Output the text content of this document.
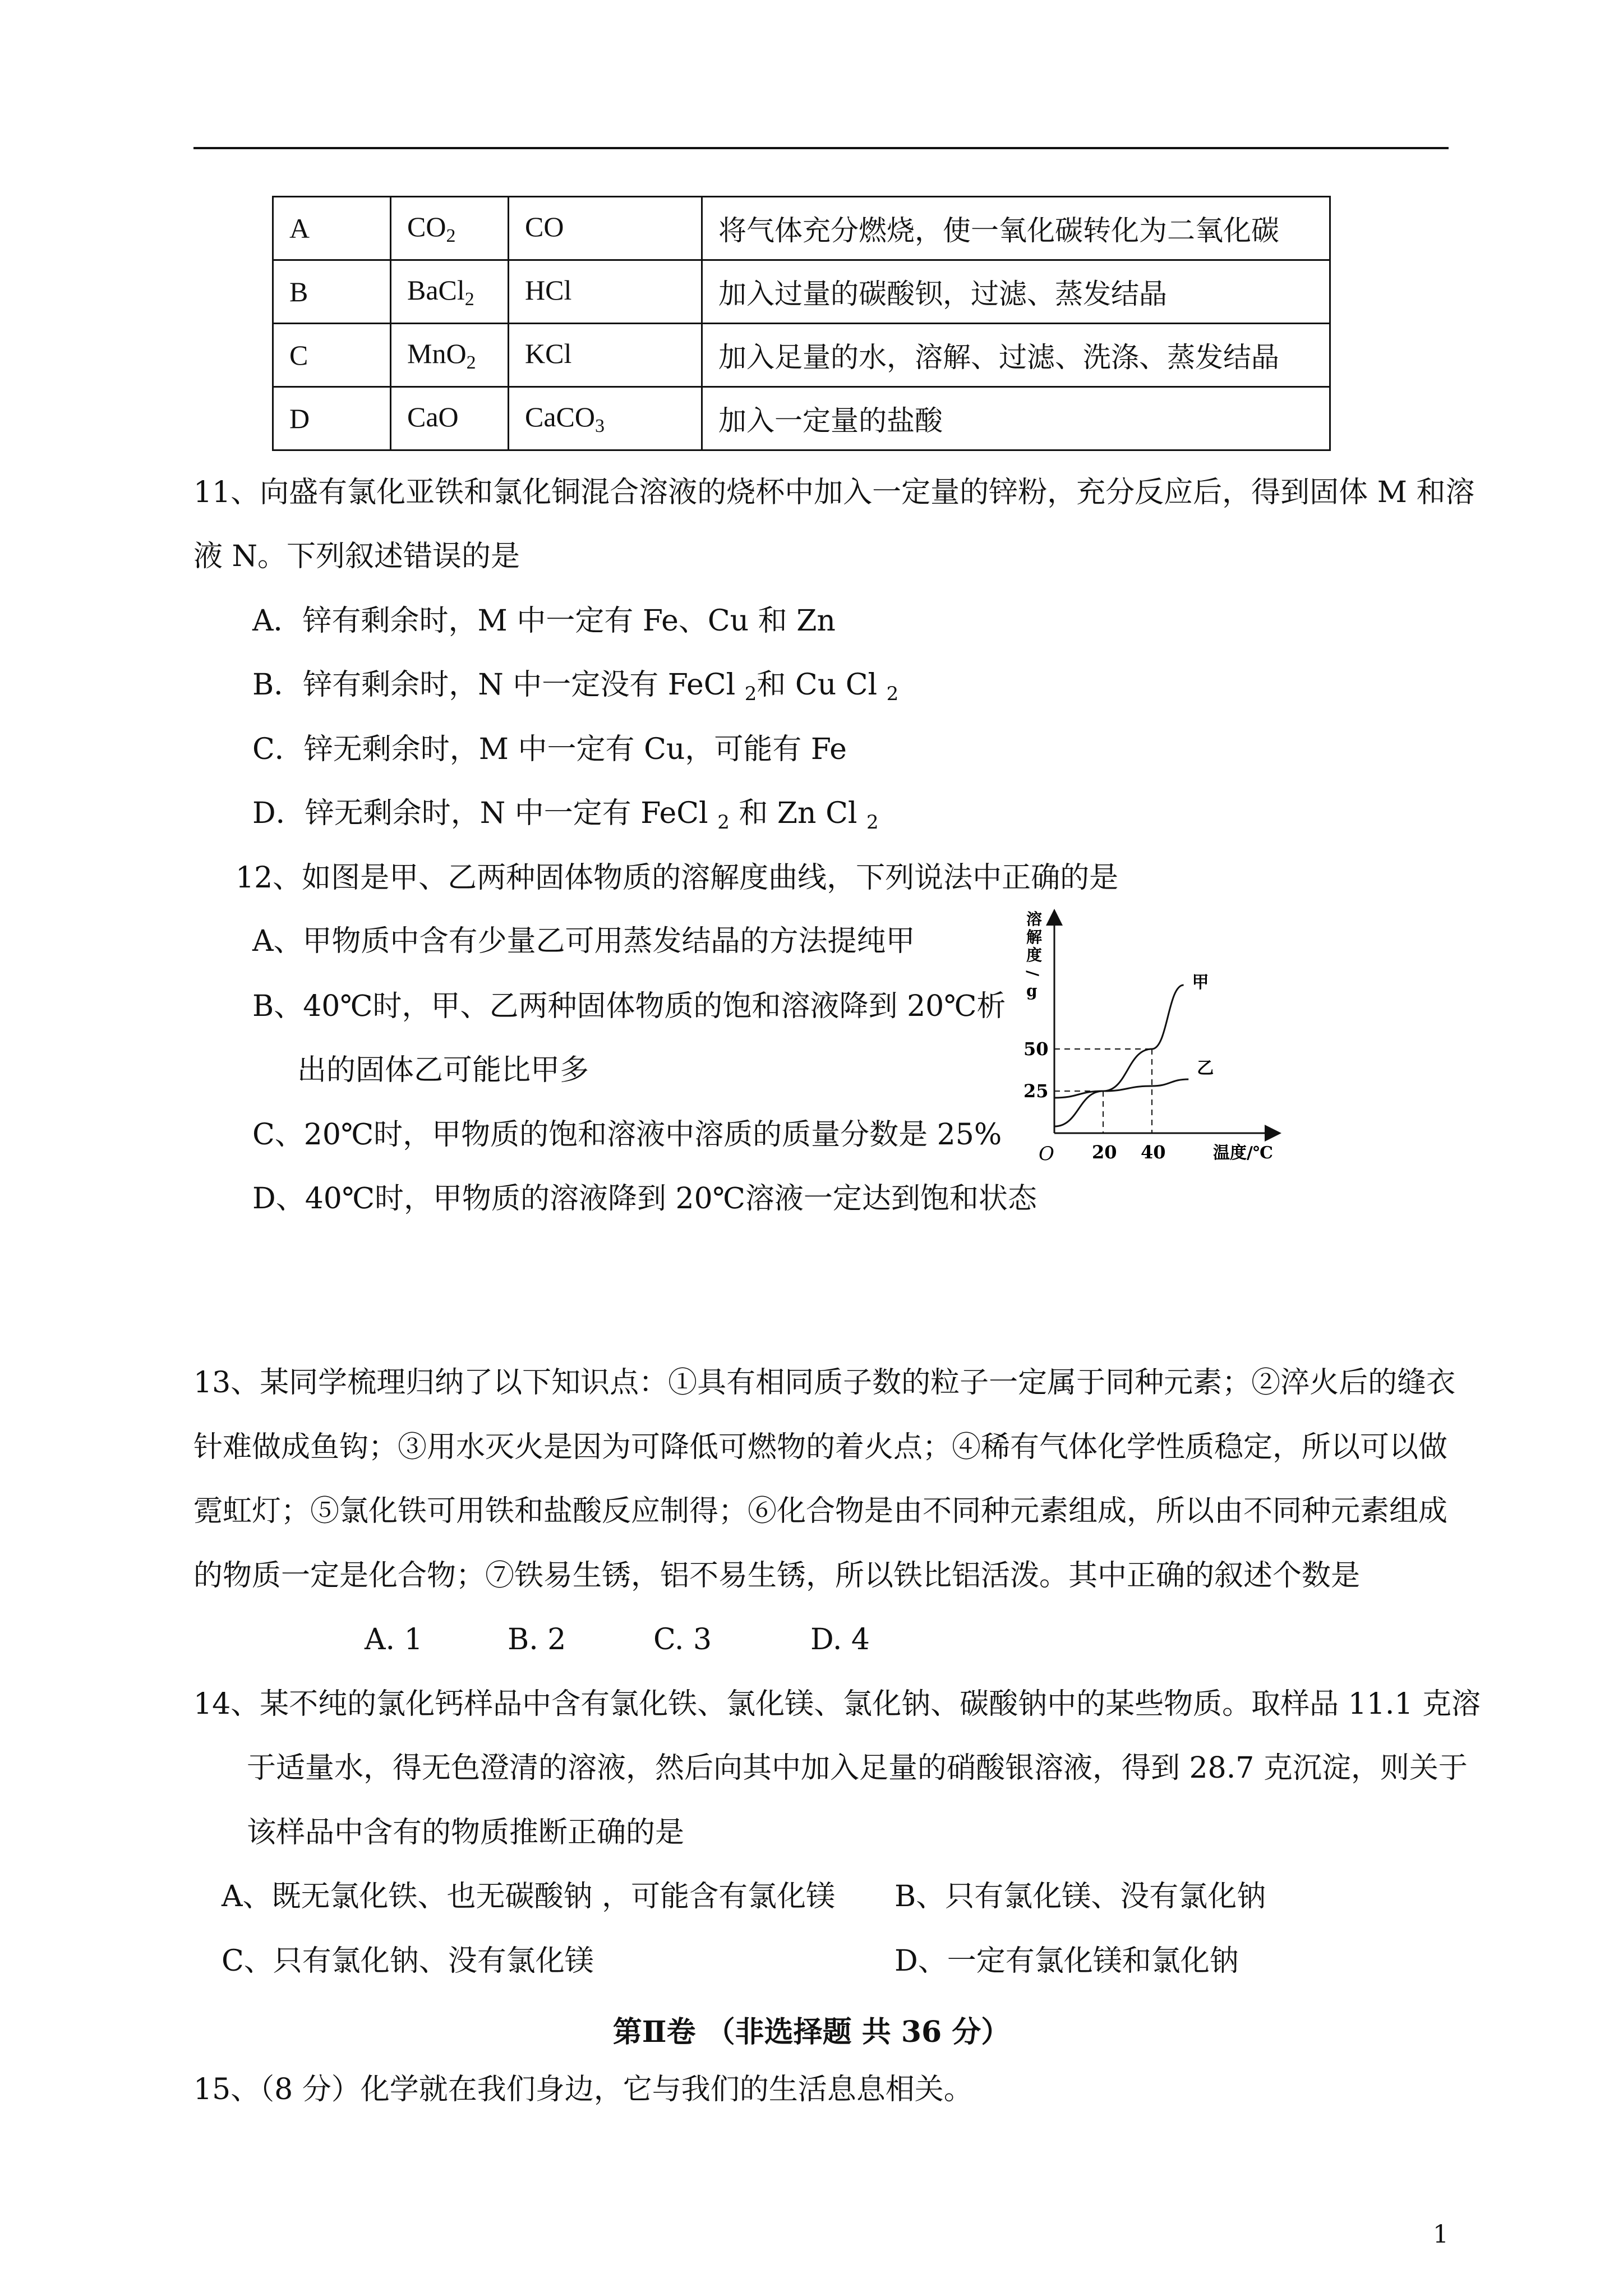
A	$CO_2$	CO	将气体充分燃烧，使一氧化碳转化为二氧化碳
B	BaCl$_2$	HCl	加入过量的碳酸钡，过滤、蒸发结晶
C	MnO$_2$	KCl	加入足量的水，溶解、过滤、洗涤、蒸发结晶
D	CaO	CaCO$_3$	加入一定量的盐酸
11、向盛有氯化亚铁和氯化铜混合溶液的烧杯中加入一定量的锌粉，充分反应后，得到固体 M 和溶
液 N。下列叙述错误的是
A．锌有剩余时，M 中一定有 Fe、Cu 和 Zn
B．锌有剩余时，N 中一定没有 FeCl $_2$和 Cu Cl $_2$
C．锌无剩余时，M 中一定有 Cu，可能有 Fe
D．锌无剩余时，N 中一定有 FeCl $_2$ 和 Zn Cl $_2$
12、如图是甲、乙两种固体物质的溶解度曲线，下列说法中正确的是
A、甲物质中含有少量乙可用蒸发结晶的方法提纯甲
B、40℃时，甲、乙两种固体物质的饱和溶液降到 20℃析
出的固体乙可能比甲多
C、20℃时，甲物质的饱和溶液中溶质的质量分数是 25%
D、40℃时，甲物质的溶液降到 20℃溶液一定达到饱和状态
溶
解
度
/
g
O	温度/℃
甲
乙
20 40
25
50
13、某同学梳理归纳了以下知识点：①具有相同质子数的粒子一定属于同种元素；②淬火后的缝衣
针难做成鱼钩；③用水灭火是因为可降低可燃物的着火点；④稀有气体化学性质稳定，所以可以做
霓虹灯；⑤氯化铁可用铁和盐酸反应制得；⑥化合物是由不同种元素组成，所以由不同种元素组成
的物质一定是化合物；⑦铁易生锈，铝不易生锈，所以铁比铝活泼。其中正确的叙述个数是
A. 1	B. 2	C. 3	D. 4
14、某不纯的氯化钙样品中含有氯化铁、氯化镁、氯化钠、碳酸钠中的某些物质。取样品 11.1 克溶
于适量水，得无色澄清的溶液，然后向其中加入足量的硝酸银溶液，得到 28.7 克沉淀，则关于
该样品中含有的物质推断正确的是
A、既无氯化铁、也无碳酸钠 ，可能含有氯化镁 B、只有氯化镁、没有氯化钠
C、只有氯化钠、没有氯化镁	D、一定有氯化镁和氯化钠
第Ⅱ卷 （非选择题 共 36 分）
15、（8 分）化学就在我们身边，它与我们的生活息息相关。
1
